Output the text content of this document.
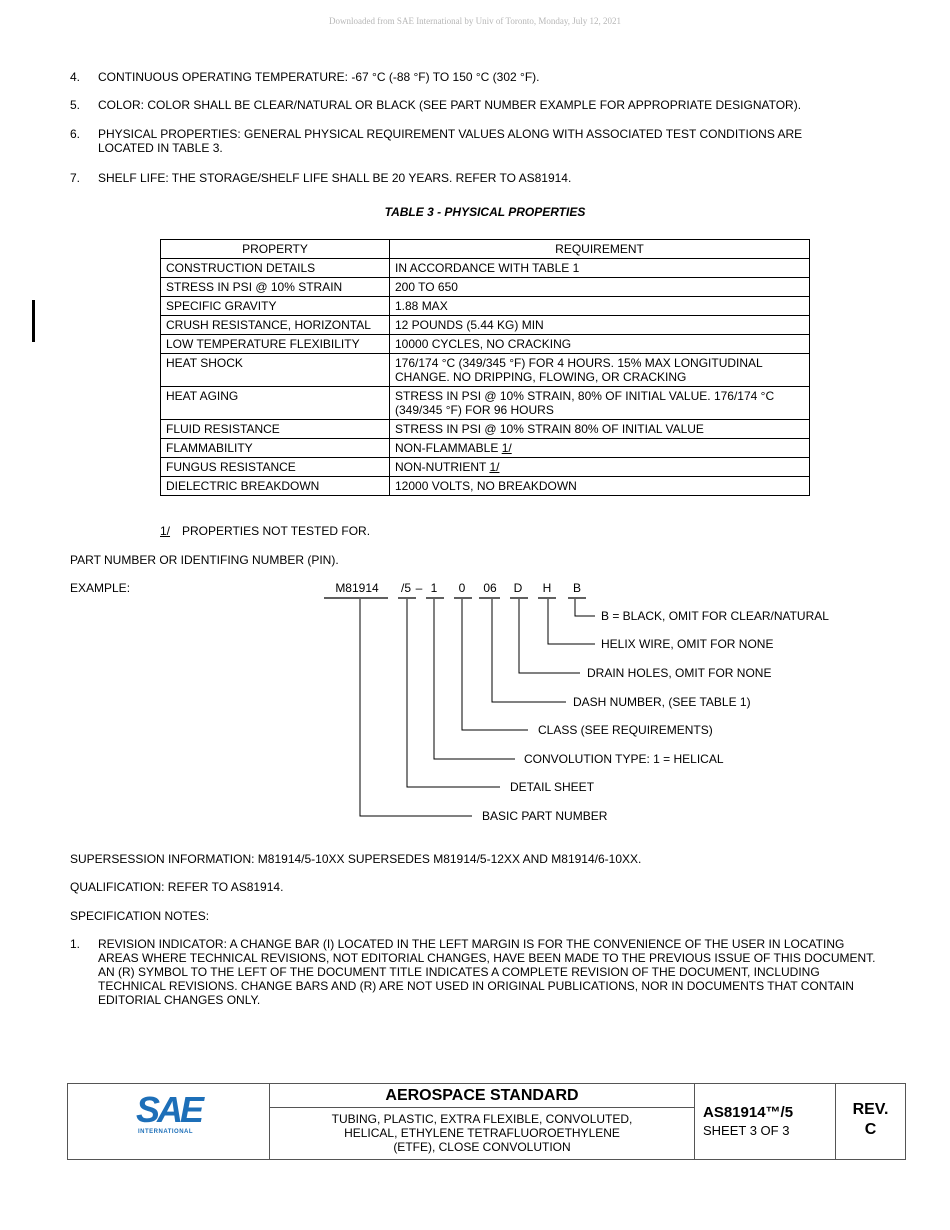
Downloaded from SAE International by Univ of Toronto, Monday, July 12, 2021
4. CONTINUOUS OPERATING TEMPERATURE: -67 °C (-88 °F) TO 150 °C (302 °F).
5. COLOR: COLOR SHALL BE CLEAR/NATURAL OR BLACK (SEE PART NUMBER EXAMPLE FOR APPROPRIATE DESIGNATOR).
6. PHYSICAL PROPERTIES: GENERAL PHYSICAL REQUIREMENT VALUES ALONG WITH ASSOCIATED TEST CONDITIONS ARE LOCATED IN TABLE 3.
7. SHELF LIFE: THE STORAGE/SHELF LIFE SHALL BE 20 YEARS. REFER TO AS81914.
TABLE 3 - PHYSICAL PROPERTIES
PROPERTY	REQUIREMENT
CONSTRUCTION DETAILS	IN ACCORDANCE WITH TABLE 1
STRESS IN PSI @ 10% STRAIN	200 TO 650
SPECIFIC GRAVITY	1.88 MAX
CRUSH RESISTANCE, HORIZONTAL	12 POUNDS (5.44 KG) MIN
LOW TEMPERATURE FLEXIBILITY	10000 CYCLES, NO CRACKING
HEAT SHOCK	176/174 °C (349/345 °F) FOR 4 HOURS. 15% MAX LONGITUDINAL CHANGE. NO DRIPPING, FLOWING, OR CRACKING
HEAT AGING	STRESS IN PSI @ 10% STRAIN, 80% OF INITIAL VALUE. 176/174 °C (349/345 °F) FOR 96 HOURS
FLUID RESISTANCE	STRESS IN PSI @ 10% STRAIN 80% OF INITIAL VALUE
FLAMMABILITY	NON-FLAMMABLE 1/
FUNGUS RESISTANCE	NON-NUTRIENT 1/
DIELECTRIC BREAKDOWN	12000 VOLTS, NO BREAKDOWN
1/ PROPERTIES NOT TESTED FOR.
PART NUMBER OR IDENTIFING NUMBER (PIN).
EXAMPLE:	M81914 /5 – 1 0 06 D H B
B = BLACK, OMIT FOR CLEAR/NATURAL
HELIX WIRE, OMIT FOR NONE
DRAIN HOLES, OMIT FOR NONE
DASH NUMBER, (SEE TABLE 1)
CLASS (SEE REQUIREMENTS)
CONVOLUTION TYPE: 1 = HELICAL
DETAIL SHEET
BASIC PART NUMBER
SUPERSESSION INFORMATION: M81914/5-10XX SUPERSEDES M81914/5-12XX AND M81914/6-10XX.
QUALIFICATION: REFER TO AS81914.
SPECIFICATION NOTES:
1. REVISION INDICATOR: A CHANGE BAR (I) LOCATED IN THE LEFT MARGIN IS FOR THE CONVENIENCE OF THE USER IN LOCATING AREAS WHERE TECHNICAL REVISIONS, NOT EDITORIAL CHANGES, HAVE BEEN MADE TO THE PREVIOUS ISSUE OF THIS DOCUMENT. AN (R) SYMBOL TO THE LEFT OF THE DOCUMENT TITLE INDICATES A COMPLETE REVISION OF THE DOCUMENT, INCLUDING TECHNICAL REVISIONS. CHANGE BARS AND (R) ARE NOT USED IN ORIGINAL PUBLICATIONS, NOR IN DOCUMENTS THAT CONTAIN EDITORIAL CHANGES ONLY.
SAE
INTERNATIONAL
AEROSPACE STANDARD
TUBING, PLASTIC, EXTRA FLEXIBLE, CONVOLUTED,
HELICAL, ETHYLENE TETRAFLUOROETHYLENE
(ETFE), CLOSE CONVOLUTION
AS81914™/5
SHEET 3 OF 3
REV.
C
